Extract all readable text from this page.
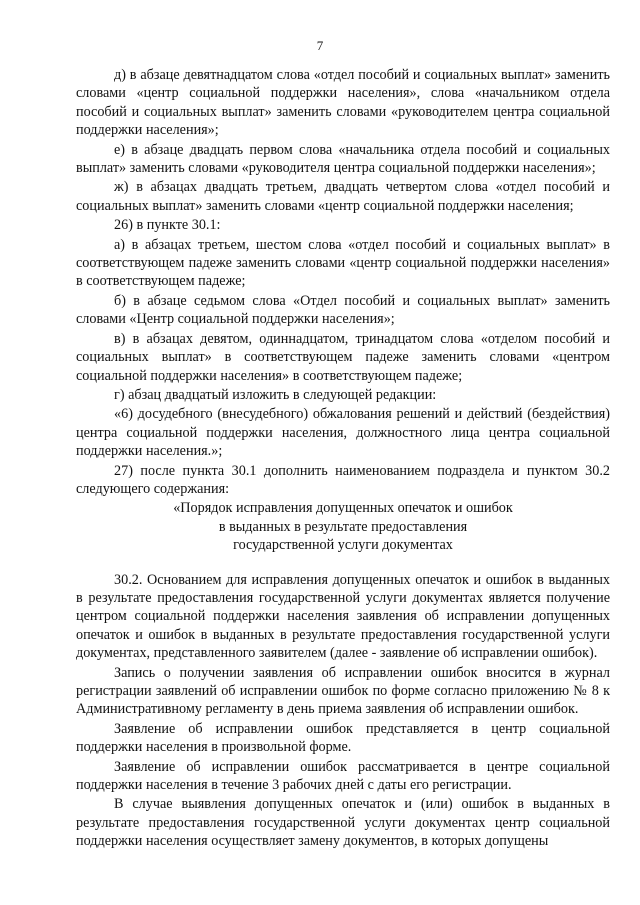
7

д) в абзаце девятнадцатом слова «отдел пособий и социальных выплат» заменить словами «центр социальной поддержки населения», слова «начальником отдела пособий и социальных выплат» заменить словами «руководителем центра социальной поддержки населения»;

е) в абзаце двадцать первом слова «начальника отдела пособий и социальных выплат» заменить словами «руководителя центра социальной поддержки населения»;

ж) в абзацах двадцать третьем, двадцать четвертом слова «отдел пособий и социальных выплат» заменить словами «центр социальной поддержки населения;

26) в пункте 30.1:

а) в абзацах третьем, шестом слова «отдел пособий и социальных выплат» в соответствующем падеже заменить словами «центр социальной поддержки населения» в соответствующем падеже;

б) в абзаце седьмом слова «Отдел пособий и социальных выплат» заменить словами «Центр социальной поддержки населения»;

в) в абзацах девятом, одиннадцатом, тринадцатом слова «отделом пособий и социальных выплат» в соответствующем падеже заменить словами «центром социальной поддержки населения» в соответствующем падеже;

г) абзац двадцатый изложить в следующей редакции:

«6) досудебного (внесудебного) обжалования решений и действий (бездействия) центра социальной поддержки населения, должностного лица центра социальной поддержки населения.»;

27) после пункта 30.1 дополнить наименованием подраздела и пунктом 30.2 следующего содержания:

«Порядок исправления допущенных опечаток и ошибок

в выданных в результате предоставления

государственной услуги документах

30.2. Основанием для исправления допущенных опечаток и ошибок в выданных в результате предоставления государственной услуги документах является получение центром социальной поддержки населения заявления об исправлении допущенных опечаток и ошибок в выданных в результате предоставления государственной услуги документах, представленного заявителем (далее - заявление об исправлении ошибок).

Запись о получении заявления об исправлении ошибок вносится в журнал регистрации заявлений об исправлении ошибок по форме согласно приложению № 8 к Административному регламенту в день приема заявления об исправлении ошибок.

Заявление об исправлении ошибок представляется в центр социальной поддержки населения в произвольной форме.

Заявление об исправлении ошибок рассматривается в центре социальной поддержки населения в течение 3 рабочих дней с даты его регистрации.

В случае выявления допущенных опечаток и (или) ошибок в выданных в результате предоставления государственной услуги документах центр социальной поддержки населения осуществляет замену документов, в которых допущены
